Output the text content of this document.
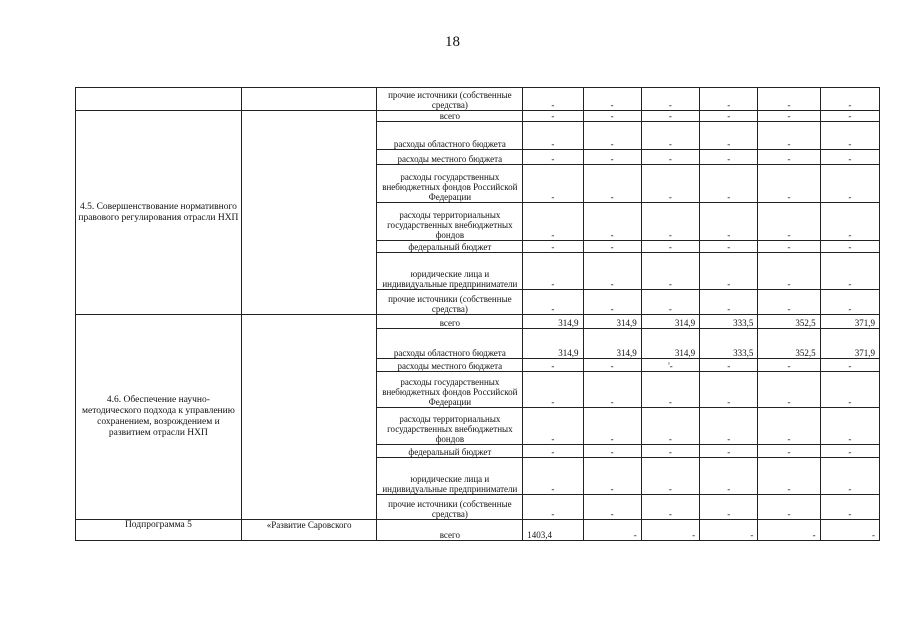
18
		прочие источники (собственные средства)	-	-	-	-	-	-
4.5. Совершенствование нормативного правового регулирования отрасли НХП		всего	-	-	-	-	-	-
		расходы областного бюджета	-	-	-	-	-	-
		расходы местного бюджета	-	-	-	-	-	-
		расходы государственных внебюджетных фондов Российской Федерации	-	-	-	-	-	-
		расходы территориальных государственных внебюджетных фондов	-	-	-	-	-	-
		федеральный бюджет	-	-	-	-	-	-
		юридические лица и индивидуальные предприниматели	-	-	-	-	-	-
		прочие источники (собственные средства)	-	-	-	-	-	-
4.6. Обеспечение научно-методического подхода к управлению сохранением, возрождением и развитием отрасли НХП		всего	314,9	314,9	314,9	333,5	352,5	371,9
		расходы областного бюджета	314,9	314,9	314,9	333,5	352,5	371,9
		расходы местного бюджета	-	-	'-	-	-	-
		расходы государственных внебюджетных фондов Российской Федерации	-	-	-	-	-	-
		расходы территориальных государственных внебюджетных фондов	-	-	-	-	-	-
		федеральный бюджет	-	-	-	-	-	-
		юридические лица и индивидуальные предприниматели	-	-	-	-	-	-
		прочие источники (собственные средства)	-	-	-	-	-	-
Подпрограмма 5	«Развитие Саровского	всего	1403,4	-	-	-	-	-
